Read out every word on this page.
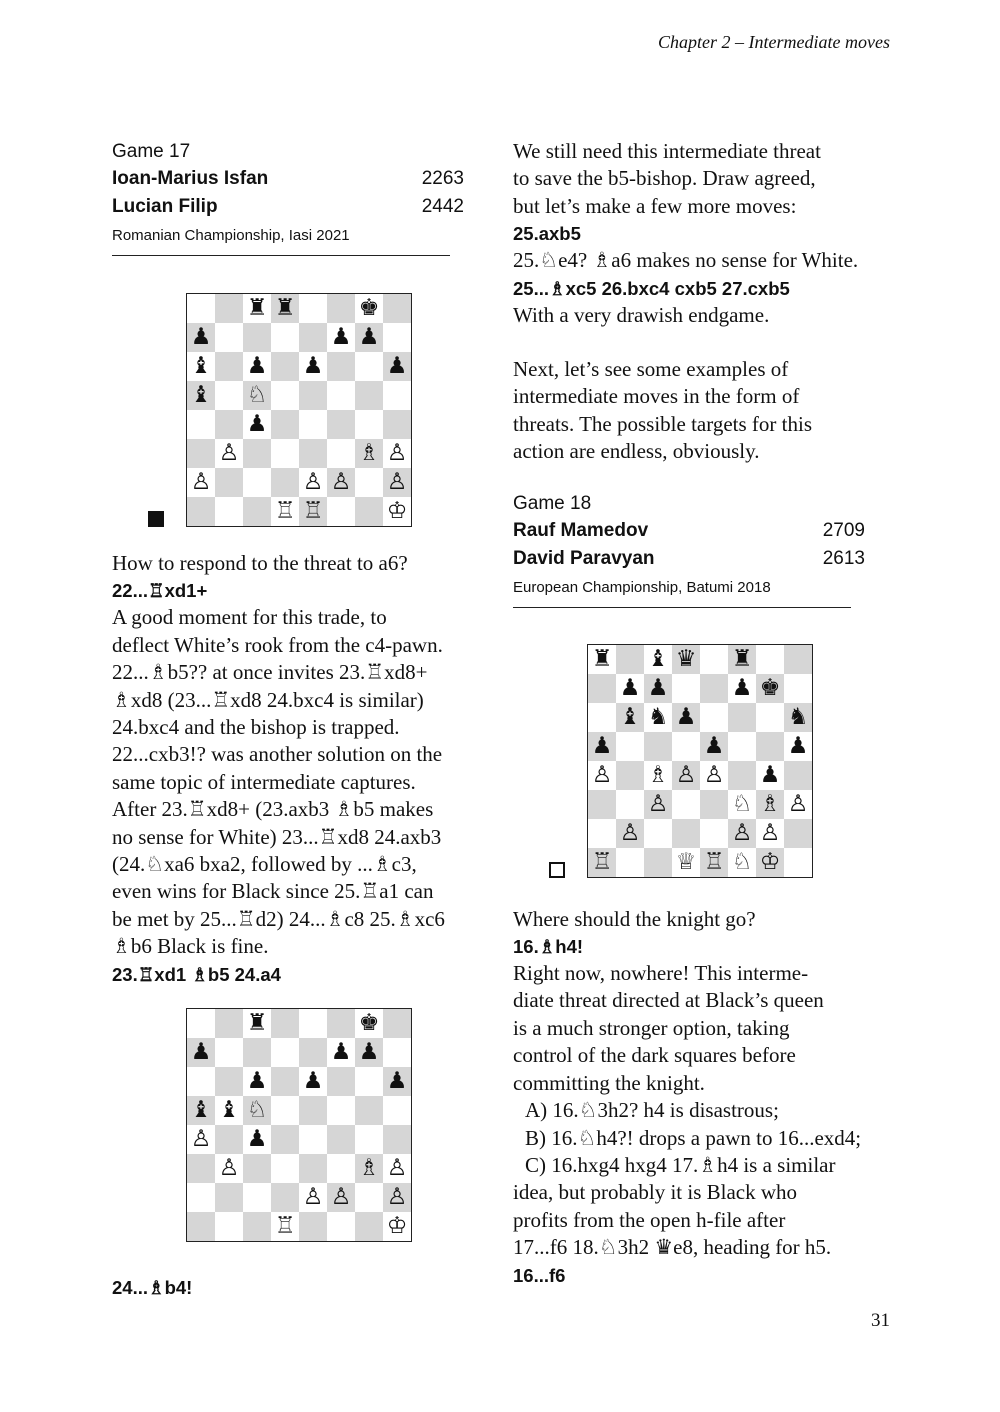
Chapter 2 – Intermediate moves
Game 17
Ioan-Marius Isfan	2263
Lucian Filip	2442
Romanian Championship, Iasi 2021
♜ ♜	♚
♟	♟ ♟
♝ ♟ ♟	♟
♝ ♘
♟
♙	♗ ♙
♙	♙ ♙ ♙
♖ ♖	♔

How to respond to the threat to a6?

22...♖xd1+

A good moment for this trade, to

deflect White’s rook from the c4-pawn.

22...♗b5?? at once invites 23.♖xd8+

♗xd8 (23...♖xd8 24.bxc4 is similar)

24.bxc4 and the bishop is trapped.

22...cxb3!? was another solution on the

same topic of intermediate captures.

After 23.♖xd8+ (23.axb3 ♗b5 makes

no sense for White) 23...♖xd8 24.axb3

(24.♘xa6 bxa2, followed by ...♗c3,

even wins for Black since 25.♖a1 can

be met by 25...♖d2) 24...♗c8 25.♗xc6

♗b6 Black is fine.

23.♖xd1 ♗b5 24.a4

♜	♚
♟	♟ ♟
♟ ♟	♟
♝ ♝ ♘
♙ ♟
♙	♗ ♙
♙ ♙ ♙
♖	♔

24...♗b4!

We still need this intermediate threat

to save the b5-bishop. Draw agreed,

but let’s make a few more moves:

25.axb5

25.♘e4? ♗a6 makes no sense for White.

25...♗xc5 26.bxc4 cxb5 27.cxb5

With a very drawish endgame.

Next, let’s see some examples of

intermediate moves in the form of

threats. The possible targets for this

action are endless, obviously.

Game 18
Rauf Mamedov	2709
David Paravyan	2613
European Championship, Batumi 2018
♜ ♝ ♛ ♜
♟ ♟	♟ ♚
♝ ♞ ♟	♞
♟	♟	♟
♙ ♗ ♙ ♙ ♟
♙	♘ ♗ ♙
♙	♙ ♙
♖	♕ ♖ ♘ ♔

Where should the knight go?

16.♗h4!

Right now, nowhere! This interme-

diate threat directed at Black’s queen

is a much stronger option, taking

control of the dark squares before

committing the knight.

A) 16.♘3h2? h4 is disastrous;

B) 16.♘h4?! drops a pawn to 16...exd4;

C) 16.hxg4 hxg4 17.♗h4 is a similar

idea, but probably it is Black who

profits from the open h-file after

17...f6 18.♘3h2 ♛e8, heading for h5.

16...f6

31
